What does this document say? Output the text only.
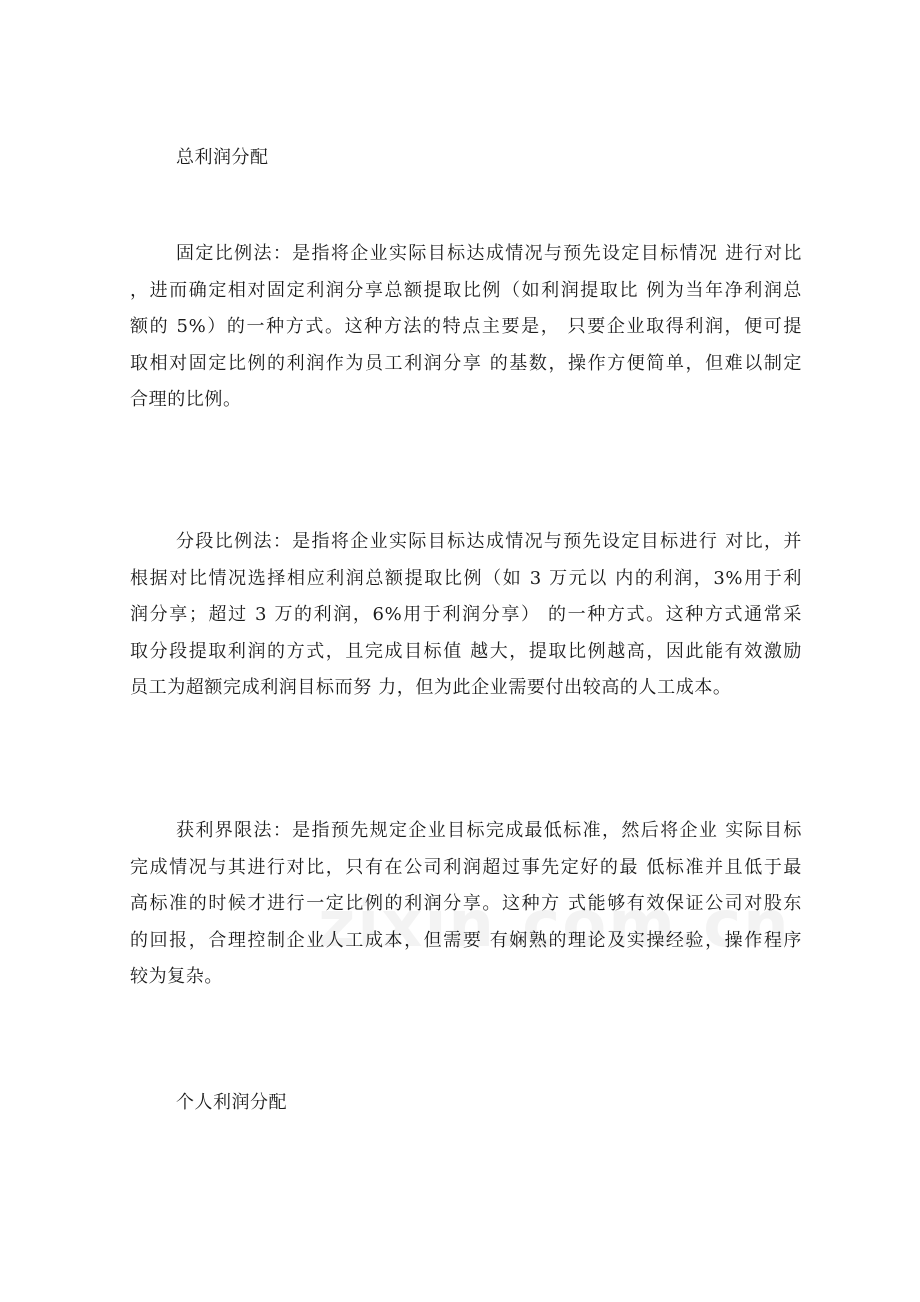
总利润分配
固定比例法：是指将企业实际目标达成情况与预先设定目标情况 进行对比
，进而确定相对固定利润分享总额提取比例（如利润提取比 例为当年净利润总
额的 5%）的一种方式。这种方法的特点主要是， 只要企业取得利润，便可提
取相对固定比例的利润作为员工利润分享 的基数，操作方便简单，但难以制定
合理的比例。
分段比例法：是指将企业实际目标达成情况与预先设定目标进行 对比，并
根据对比情况选择相应利润总额提取比例（如 3 万元以 内的利润，3%用于利
润分享；超过 3 万的利润，6%用于利润分享） 的一种方式。这种方式通常采
取分段提取利润的方式，且完成目标值 越大，提取比例越高，因此能有效激励
员工为超额完成利润目标而努 力，但为此企业需要付出较高的人工成本。
获利界限法：是指预先规定企业目标完成最低标准，然后将企业 实际目标
完成情况与其进行对比，只有在公司利润超过事先定好的最 低标准并且低于最
高标准的时候才进行一定比例的利润分享。这种方 式能够有效保证公司对股东
的回报，合理控制企业人工成本，但需要 有娴熟的理论及实操经验，操作程序
较为复杂。
个人利润分配
